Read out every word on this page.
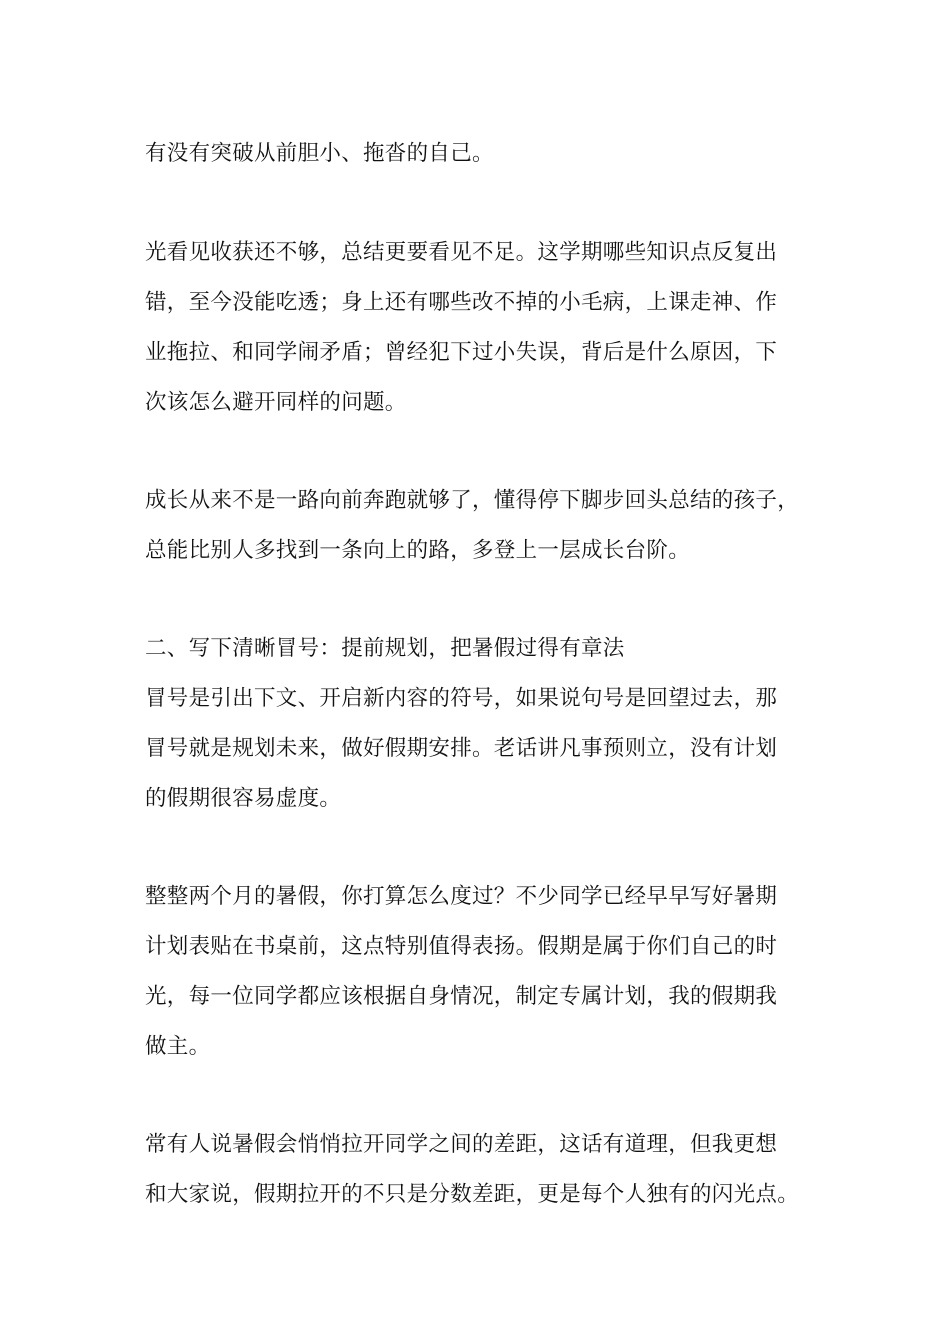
有没有突破从前胆小、拖沓的自己。
光看见收获还不够，总结更要看见不足。这学期哪些知识点反复出
错，至今没能吃透；身上还有哪些改不掉的小毛病，上课走神、作
业拖拉、和同学闹矛盾；曾经犯下过小失误，背后是什么原因，下
次该怎么避开同样的问题。
成长从来不是一路向前奔跑就够了，懂得停下脚步回头总结的孩子，
总能比别人多找到一条向上的路，多登上一层成长台阶。
二、写下清晰冒号：提前规划，把暑假过得有章法
冒号是引出下文、开启新内容的符号，如果说句号是回望过去，那
冒号就是规划未来，做好假期安排。老话讲凡事预则立，没有计划
的假期很容易虚度。
整整两个月的暑假，你打算怎么度过？不少同学已经早早写好暑期
计划表贴在书桌前，这点特别值得表扬。假期是属于你们自己的时
光，每一位同学都应该根据自身情况，制定专属计划，我的假期我
做主。
常有人说暑假会悄悄拉开同学之间的差距，这话有道理，但我更想
和大家说，假期拉开的不只是分数差距，更是每个人独有的闪光点。
